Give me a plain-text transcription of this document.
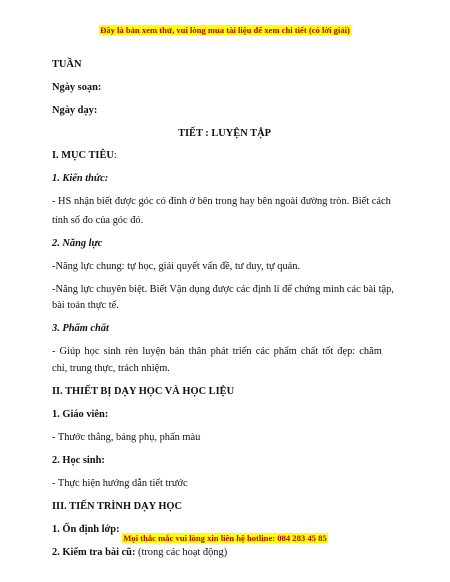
Đây là bản xem thử, vui lòng mua tài liệu để xem chi tiết (có lời giải)

TUẦN

Ngày soạn:

Ngày dạy:

TIẾT : LUYỆN TẬP

I. MỤC TIÊU:

1. Kiến thức:

- HS nhận biết được góc có đỉnh ở bên trong hay bên ngoài đường tròn. Biết cách

tính số đo của góc đó.

2. Năng lực

-Năng lực chung: tự học, giải quyết vấn đề, tư duy, tự quản.

-Năng lực chuyên biệt. Biết Vận dụng được các định lí để chứng minh các bài tập,

bài toán thực tế.

3. Phẩm chất

- Giúp học sinh rèn luyện bản thân phát triển các phẩm chất tốt đẹp: chăm

chỉ, trung thực, trách nhiệm.

II. THIẾT BỊ DẠY HỌC VÀ HỌC LIỆU

1. Giáo viên:

- Thước thẳng, bảng phụ, phấn màu

2. Học sinh:

- Thực hiện hướng dẫn tiết trước

III. TIẾN TRÌNH DẠY HỌC

1. Ổn định lớp:

2. Kiểm tra bài cũ: (trong các hoạt động)

Mọi thắc mắc vui lòng xin liên hệ hotline: 084 283 45 85
